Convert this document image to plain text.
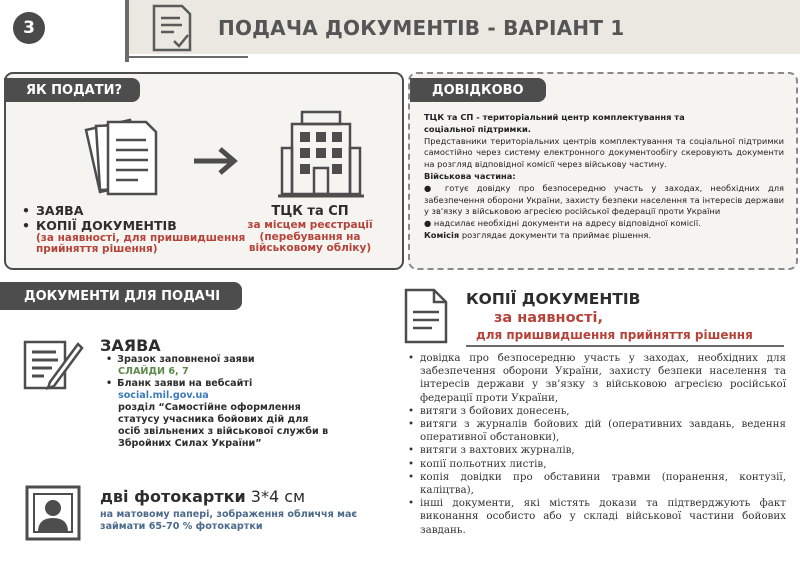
3	ПОДАЧА ДОКУМЕНТІВ - ВАРІАНТ 1
ЯК ПОДАТИ?
• ЗАЯВА
• КОПІЇ ДОКУМЕНТІВ
(за наявності, для пришвидшення прийняття рішення)
ТЦК та СП
за місцем реєстрації (перебування на військовому обліку)
ДОВІДКОВО

ТЦК та СП - територіальний центр комплектування та соціальної підтримки.

Представники територіальних центрів комплектування та соціальної підтримки самостійно через систему електронного документообігу скеровують документи на розгляд відповідної комісії через військову частину.

Військова частина:

● готує довідку про безпосередню участь у заходах, необхідних для забезпечення оборони України, захисту безпеки населення та інтересів держави у зв'язку з військовою агресією російської федерації проти України

● надсилає необхідні документи на адресу відповідної комісії.

Комісія розглядає документи та приймає рішення.

ДОКУМЕНТИ ДЛЯ ПОДАЧІ
ЗАЯВА
• Зразок заповненої заяви
СЛАЙДИ 6, 7
• Бланк заяви на вебсайті
social.mil.gov.ua
розділ “Самостійне оформлення статусу учасника бойових дій для осіб звільнених з військової служби в Збройних Силах України”
дві фотокартки 3*4 см
на матовому папері, зображення обличчя має займати 65-70 % фотокартки
КОПІЇ ДОКУМЕНТІВ
за наявності,
для пришвидшення прийняття рішення
• довідка про безпосередню участь у заходах, необхідних для забезпечення оборони України, захисту безпеки населення та інтересів держави у зв’язку з військовою агресією російської федерації проти України,
• витяги з бойових донесень,
• витяги з журналів бойових дій (оперативних завдань, ведення оперативної обстановки),
• витяги з вахтових журналів,
• копії польотних листів,
• копія довідки про обставини травми (поранення, контузії, каліцтва),
• інші документи, які містять докази та підтверджують факт виконання особисто або у складі військової частини бойових завдань.
